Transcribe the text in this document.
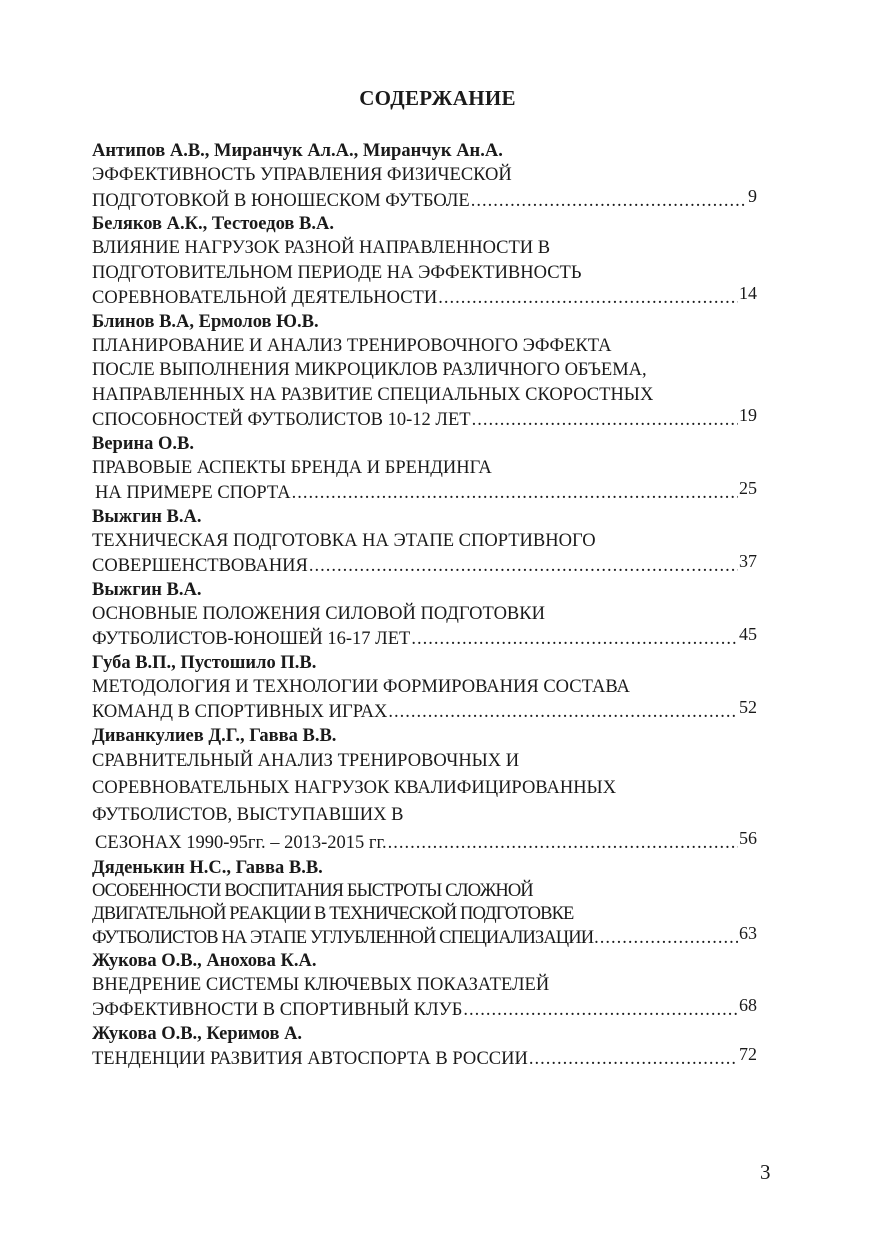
СОДЕРЖАНИЕ
Антипов А.В., Миранчук Ал.А., Миранчук Ан.А.
ЭФФЕКТИВНОСТЬ УПРАВЛЕНИЯ ФИЗИЧЕСКОЙ
ПОДГОТОВКОЙ В ЮНОШЕСКОМ ФУТБОЛЕ .....	9
Беляков А.К., Тестоедов В.А.
ВЛИЯНИЕ НАГРУЗОК РАЗНОЙ НАПРАВЛЕННОСТИ В
ПОДГОТОВИТЕЛЬНОМ ПЕРИОДЕ НА ЭФФЕКТИВНОСТЬ
СОРЕВНОВАТЕЛЬНОЙ ДЕЯТЕЛЬНОСТИ .....	14
Блинов В.А, Ермолов Ю.В.
ПЛАНИРОВАНИЕ И АНАЛИЗ ТРЕНИРОВОЧНОГО ЭФФЕКТА
ПОСЛЕ ВЫПОЛНЕНИЯ МИКРОЦИКЛОВ РАЗЛИЧНОГО ОБЪЕМА,
НАПРАВЛЕННЫХ НА РАЗВИТИЕ СПЕЦИАЛЬНЫХ СКОРОСТНЫХ
СПОСОБНОСТЕЙ ФУТБОЛИСТОВ 10-12 ЛЕТ .....	19
Верина О.В.
ПРАВОВЫЕ АСПЕКТЫ БРЕНДА И БРЕНДИНГА
НА ПРИМЕРЕ СПОРТА .....	25
Выжгин В.А.
ТЕХНИЧЕСКАЯ ПОДГОТОВКА НА ЭТАПЕ СПОРТИВНОГО
СОВЕРШЕНСТВОВАНИЯ .....	37
Выжгин В.А.
ОСНОВНЫЕ ПОЛОЖЕНИЯ СИЛОВОЙ ПОДГОТОВКИ
ФУТБОЛИСТОВ-ЮНОШЕЙ 16-17 ЛЕТ .....	45
Губа В.П., Пустошило П.В.
МЕТОДОЛОГИЯ И ТЕХНОЛОГИИ ФОРМИРОВАНИЯ СОСТАВА
КОМАНД В СПОРТИВНЫХ ИГРАХ .....	52
Диванкулиев Д.Г., Гавва В.В.
СРАВНИТЕЛЬНЫЙ АНАЛИЗ ТРЕНИРОВОЧНЫХ И
СОРЕВНОВАТЕЛЬНЫХ НАГРУЗОК КВАЛИФИЦИРОВАННЫХ
ФУТБОЛИСТОВ, ВЫСТУПАВШИХ В
СЕЗОНАХ 1990-95гг. – 2013-2015 гг. .....	56
Дяденькин Н.С., Гавва В.В.
ОСОБЕННОСТИ ВОСПИТАНИЯ БЫСТРОТЫ СЛОЖНОЙ
ДВИГАТЕЛЬНОЙ РЕАКЦИИ В ТЕХНИЧЕСКОЙ ПОДГОТОВКЕ
ФУТБОЛИСТОВ НА ЭТАПЕ УГЛУБЛЕННОЙ СПЕЦИАЛИЗАЦИИ .....	63
Жукова О.В., Анохова К.А.
ВНЕДРЕНИЕ СИСТЕМЫ КЛЮЧЕВЫХ ПОКАЗАТЕЛЕЙ
ЭФФЕКТИВНОСТИ В СПОРТИВНЫЙ КЛУБ .....	68
Жукова О.В., Керимов А.
ТЕНДЕНЦИИ РАЗВИТИЯ АВТОСПОРТА В РОССИИ .....	72
3
